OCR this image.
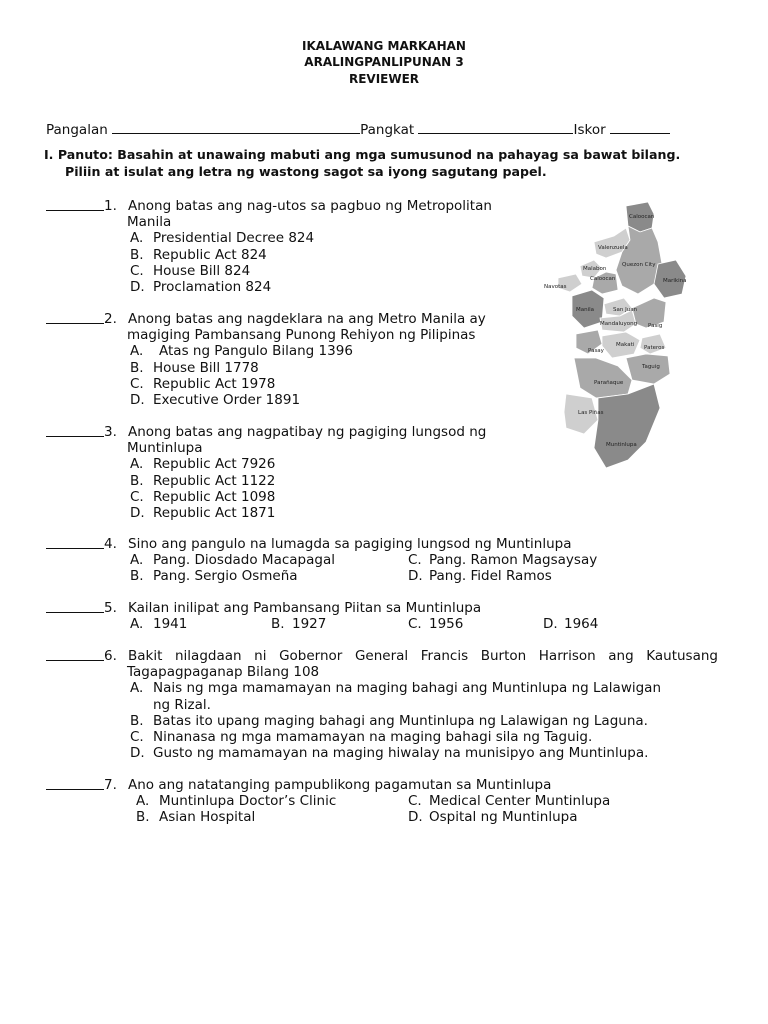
IKALAWANG MARKAHAN
ARALINGPANLIPUNAN 3
REVIEWER
Pangalan	Pangkat	Iskor
I. Panuto: Basahin at unawaing mabuti ang mga sumusunod na pahayag sa bawat bilang.
Piliin at isulat ang letra ng wastong sagot sa iyong sagutang papel.
1. Anong batas ang nag-utos sa pagbuo ng Metropolitan
Manila
A. Presidential Decree 824
B. Republic Act 824
C. House Bill 824
D. Proclamation 824
2. Anong batas ang nagdeklara na ang Metro Manila ay
magiging Pambansang Punong Rehiyon ng Pilipinas
A. Atas ng Pangulo Bilang 1396
B. House Bill 1778
C. Republic Act 1978
D. Executive Order 1891
3. Anong batas ang nagpatibay ng pagiging lungsod ng
Muntinlupa
A. Republic Act 7926
B. Republic Act 1122
C. Republic Act 1098
D. Republic Act 1871
4. Sino ang pangulo na lumagda sa pagiging lungsod ng Muntinlupa
A. Pang. Diosdado Macapagal	C. Pang. Ramon Magsaysay
B. Pang. Sergio Osmeña	D. Pang. Fidel Ramos
5. Kailan inilipat ang Pambansang Piitan sa Muntinlupa
A. 1941	B. 1927	C. 1956	D. 1964
6. Bakit nilagdaan ni Gobernor General Francis Burton Harrison ang Kautusang
Tagapagpaganap Bilang 108
A. Nais ng mga mamamayan na maging bahagi ang Muntinlupa ng Lalawigan
ng Rizal.
B. Batas ito upang maging bahagi ang Muntinlupa ng Lalawigan ng Laguna.
C. Ninanasa ng mga mamamayan na maging bahagi sila ng Taguig.
D. Gusto ng mamamayan na maging hiwalay na munisipyo ang Muntinlupa.
7. Ano ang natatanging pampublikong pagamutan sa Muntinlupa
A. Muntinlupa Doctor’s Clinic	C. Medical Center Muntinlupa
B. Asian Hospital	D. Ospital ng Muntinlupa
Caloocan
Valenzuela
Quezon City
Malabon
Navotas
Caloocan	Marikina
Manila	San Juan
Mandaluyong Pasig
Pasay
Makati Pateros
Taguig
Parañaque
Las Piñas
Muntinlupa
